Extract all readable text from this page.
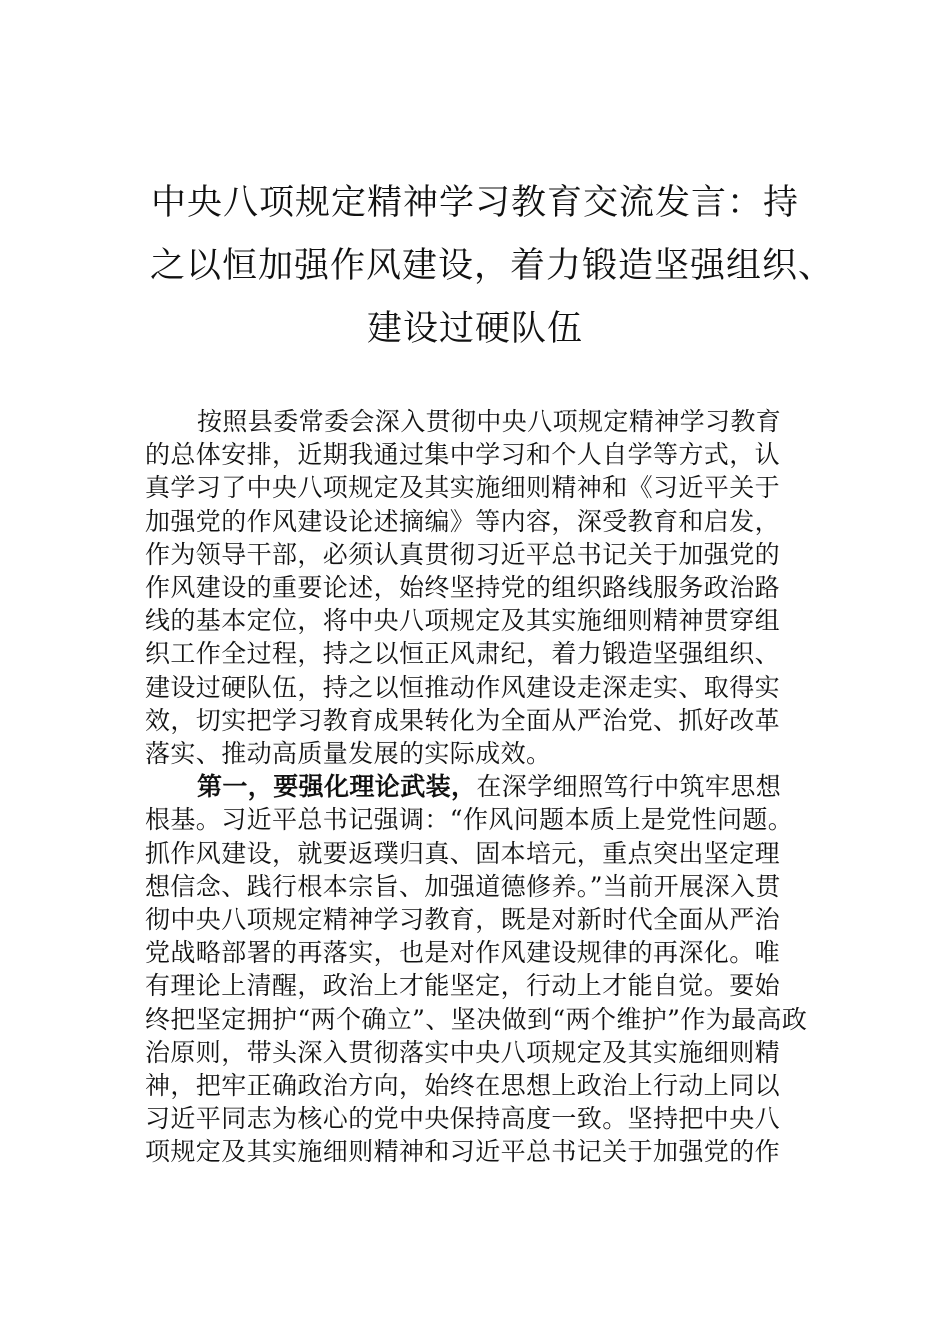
中央八项规定精神学习教育交流发言：持
之以恒加强作风建设，着力锻造坚强组织、
建设过硬队伍
按照县委常委会深入贯彻中央八项规定精神学习教育
的总体安排，近期我通过集中学习和个人自学等方式，认
真学习了中央八项规定及其实施细则精神和《习近平关于
加强党的作风建设论述摘编》等内容，深受教育和启发，
作为领导干部，必须认真贯彻习近平总书记关于加强党的
作风建设的重要论述，始终坚持党的组织路线服务政治路
线的基本定位，将中央八项规定及其实施细则精神贯穿组
织工作全过程，持之以恒正风肃纪，着力锻造坚强组织、
建设过硬队伍，持之以恒推动作风建设走深走实、取得实
效，切实把学习教育成果转化为全面从严治党、抓好改革
落实、推动高质量发展的实际成效。
第一，要强化理论武装，在深学细照笃行中筑牢思想
根基。习近平总书记强调：“作风问题本质上是党性问题。
抓作风建设，就要返璞归真、固本培元，重点突出坚定理
想信念、践行根本宗旨、加强道德修养。”当前开展深入贯
彻中央八项规定精神学习教育，既是对新时代全面从严治
党战略部署的再落实，也是对作风建设规律的再深化。唯
有理论上清醒，政治上才能坚定，行动上才能自觉。要始
终把坚定拥护“两个确立”、坚决做到“两个维护”作为最高政
治原则，带头深入贯彻落实中央八项规定及其实施细则精
神，把牢正确政治方向，始终在思想上政治上行动上同以
习近平同志为核心的党中央保持高度一致。坚持把中央八
项规定及其实施细则精神和习近平总书记关于加强党的作
